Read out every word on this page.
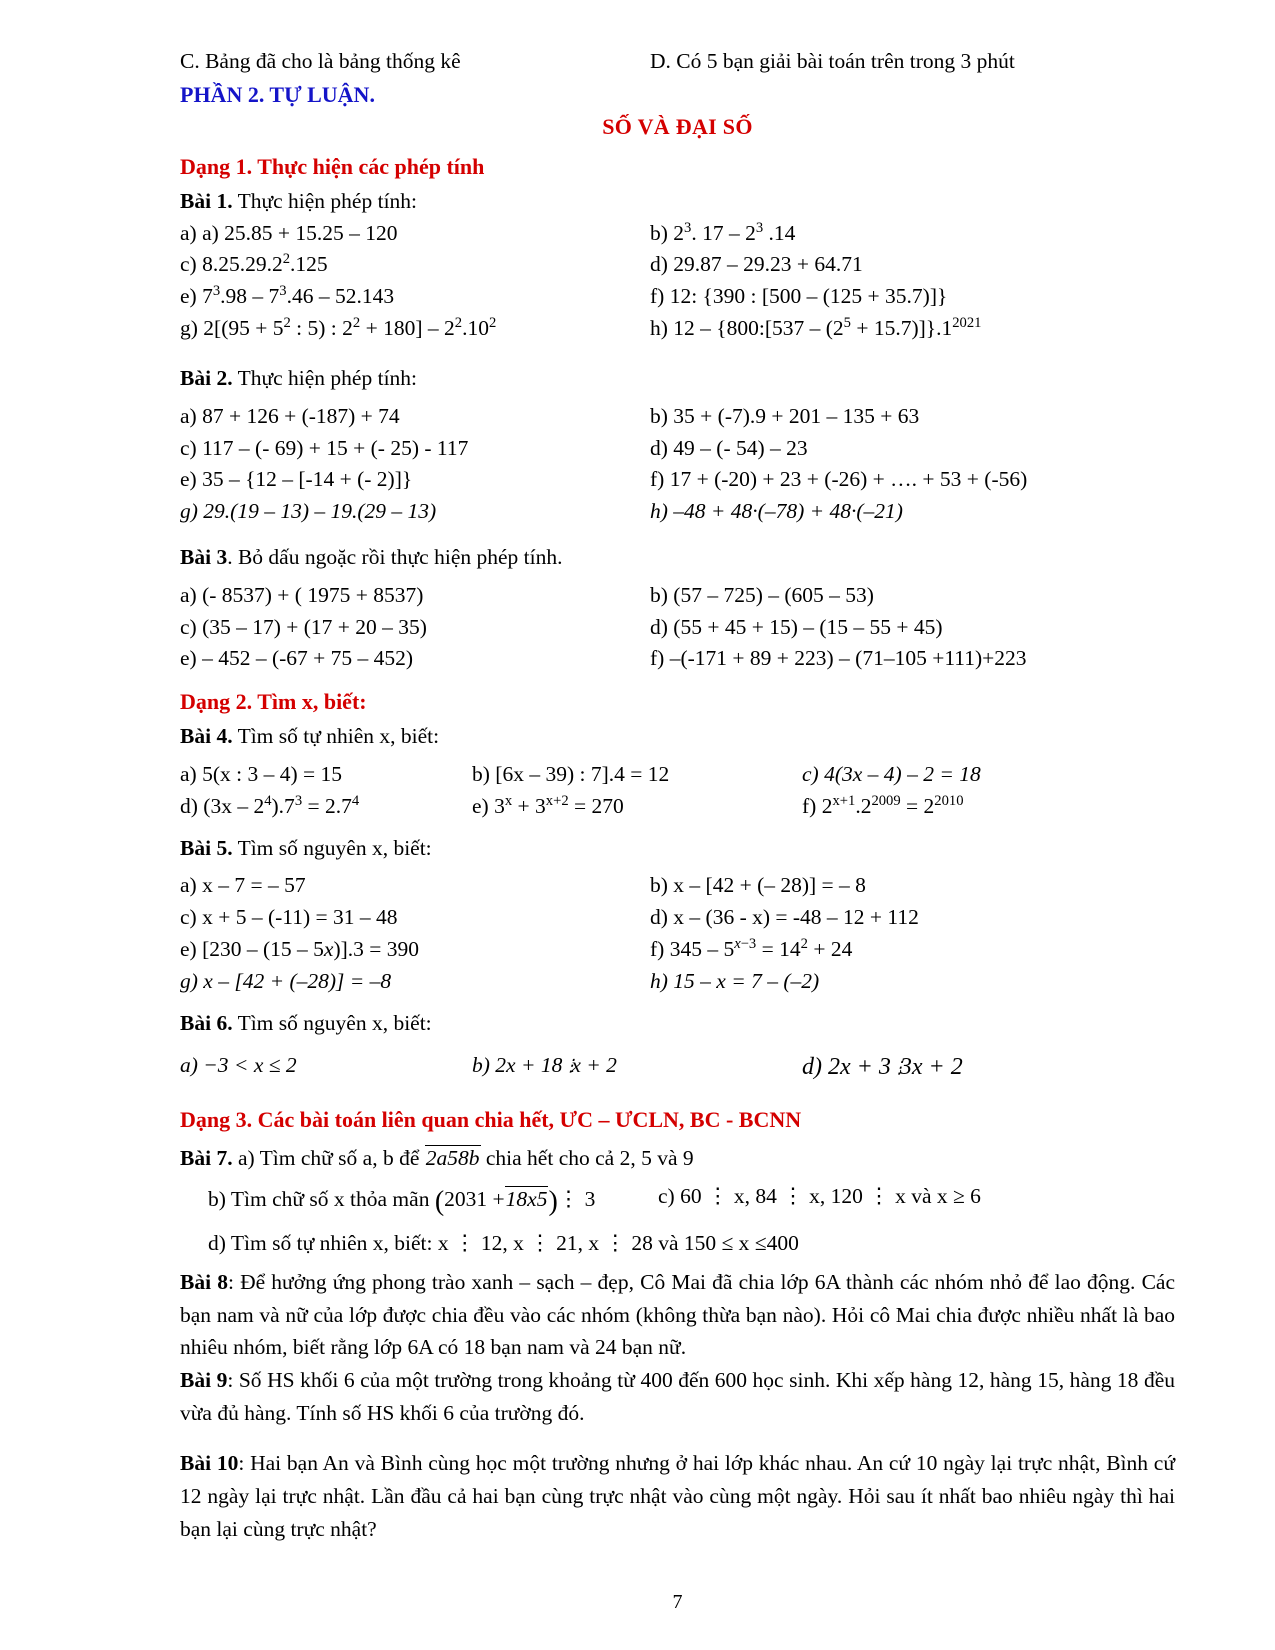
C. Bảng đã cho là bảng thống kê	D. Có 5 bạn giải bài toán trên trong 3 phút
PHẦN 2. TỰ LUẬN.
SỐ VÀ ĐẠI SỐ
Dạng 1. Thực hiện các phép tính
Bài 1. Thực hiện phép tính:
a) a) 25.85 + 15.25 – 120	b) $2^3$. $17 - 2^3$ .14
c) 8.25.29.2$^2$.125	d) 29.87 – 29.23 + 64.71
e) $7^3.98 - 7^3.46 - 52.143$	f) 12: {390 : [500 – (125 + 35.7)]}
g) $2[(95 + 5^2$ : 5) : $2^2 + 180] - 2^2.10^2$	h) 12 – {800:[537 – $(2^5 + 15.7)]\}.1^{2021}$
Bài 2. Thực hiện phép tính:
a) 87 + 126 + (-187) + 74	b) 35 + (-7).9 + 201 – 135 + 63
c) 117 – (- 69) + 15 + (- 25) - 117	d) 49 – (- 54) – 23
e) 35 – {12 – [-14 + (- 2)]}	f) 17 + (-20) + 23 + (-26) + …. + 53 + (-56)
g) 29.(19 – 13) – 19.(29 – 13)	h) –48 + 48·(–78) + 48·(–21)
Bài 3. Bỏ dấu ngoặc rồi thực hiện phép tính.
a) (- 8537) + ( 1975 + 8537)	b) (57 – 725) – (605 – 53)
c) (35 – 17) + (17 + 20 – 35)	d) (55 + 45 + 15) – (15 – 55 + 45)
e) – 452 – (-67 + 75 – 452)	f) –(-171 + 89 + 223) – (71–105 +111)+223
Dạng 2. Tìm x, biết:
Bài 4. Tìm số tự nhiên x, biết:
a) 5(x : 3 – 4) = 15	b) [6x – 39) : 7].4 = 12	c) 4(3x – 4) – 2 = 18
d) $(3x - 2^4).7^3 = 2.7^4$	e) $3^x + 3^{x+2} = 270$	f) $2^{x+1}.2^{2009} = 2^{2010}$
Bài 5. Tìm số nguyên x, biết:
a) x – 7 = – 57	b) x – [42 + (– 28)] = – 8
c) x + 5 – (-11) = 31 – 48	d) x – (36 - x) = -48 – 12 + 112
e) [230 – (15 – 5x)].3 = 390	f) $345 - 5^{x-3} = 14^2 + 24$
g) x – [42 + (–28)] = –8	h) 15 – x = 7 – (–2)
Bài 6. Tìm số nguyên x, biết:
a) −3 < x ≤ 2	b) 2x + 18 ⋮ x + 2	d) 2x + 3 ⋮ 3x + 2
Dạng 3. Các bài toán liên quan chia hết, ƯC – ƯCLN, BC - BCNN
Bài 7. a) Tìm chữ số a, b để 2a58b chia hết cho cả 2, 5 và 9
b) Tìm chữ số x thỏa mãn (2031 +18x5)⋮ 3	c) 60 ⋮ x, 84 ⋮ x, 120 ⋮ x và x ≥ 6
d) Tìm số tự nhiên x, biết: x ⋮ 12, x ⋮ 21, x ⋮ 28 và 150 ≤ x ≤400
Bài 8: Để hưởng ứng phong trào xanh – sạch – đẹp, Cô Mai đã chia lớp 6A thành các nhóm nhỏ để lao động. Các bạn nam và nữ của lớp được chia đều vào các nhóm (không thừa bạn nào). Hỏi cô Mai chia được nhiều nhất là bao nhiêu nhóm, biết rằng lớp 6A có 18 bạn nam và 24 bạn nữ.
Bài 9: Số HS khối 6 của một trường trong khoảng từ 400 đến 600 học sinh. Khi xếp hàng 12, hàng 15, hàng 18 đều vừa đủ hàng. Tính số HS khối 6 của trường đó.
Bài 10: Hai bạn An và Bình cùng học một trường nhưng ở hai lớp khác nhau. An cứ 10 ngày lại trực nhật, Bình cứ 12 ngày lại trực nhật. Lần đầu cả hai bạn cùng trực nhật vào cùng một ngày. Hỏi sau ít nhất bao nhiêu ngày thì hai bạn lại cùng trực nhật?
7
